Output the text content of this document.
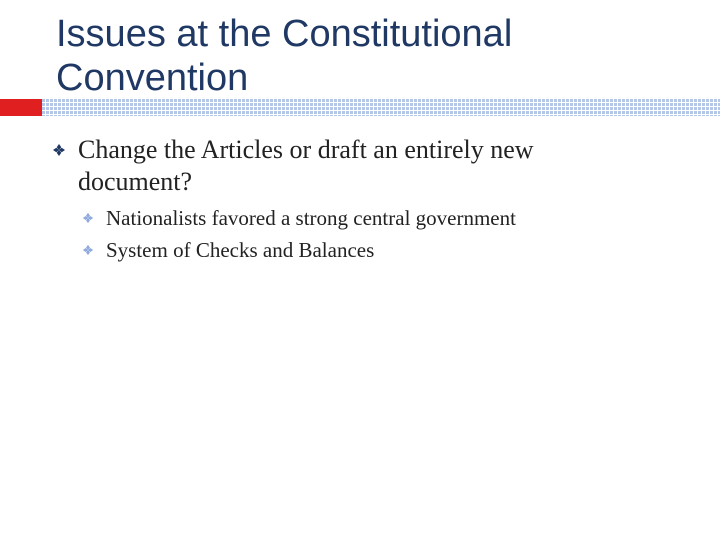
Issues at the Constitutional Convention
Change the Articles or draft an entirely new document?
Nationalists favored a strong central government
System of Checks and Balances
